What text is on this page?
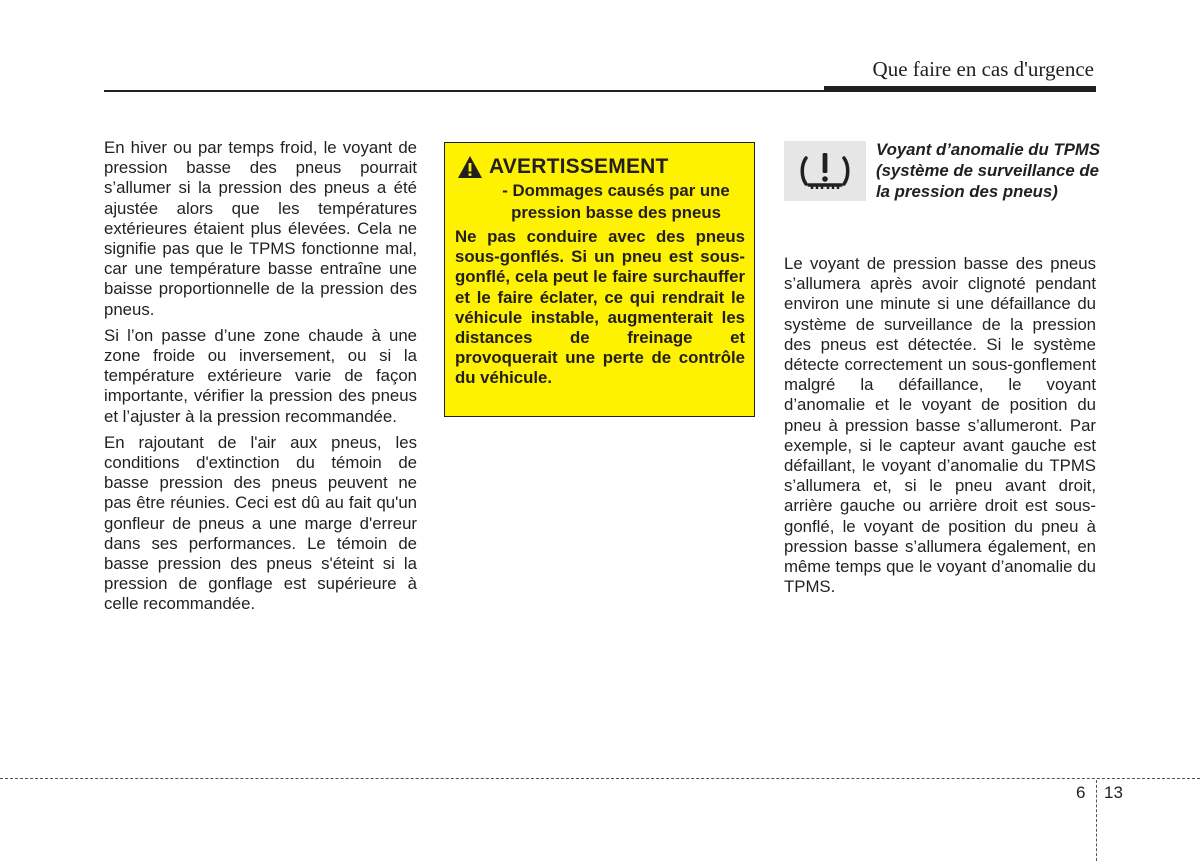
Que faire en cas d'urgence

En hiver ou par temps froid, le voyant de pression basse des pneus pourrait s’allumer si la pression des pneus a été ajustée alors que les températures extérieures étaient plus élevées. Cela ne signifie pas que le TPMS fonctionne mal, car une température basse entraîne une baisse proportionnelle de la pression des pneus.

Si l’on passe d’une zone chaude à une zone froide ou inversement, ou si la température extérieure varie de façon importante, vérifier la pression des pneus et l’ajuster à la pression recommandée.

En rajoutant de l'air aux pneus, les conditions d'extinction du témoin de basse pression des pneus peuvent ne pas être réunies. Ceci est dû au fait qu'un gonfleur de pneus a une marge d'erreur dans ses performances. Le témoin de basse pression des pneus s'éteint si la pression de gonflage est supérieure à celle recommandée.

AVERTISSEMENT
- Dommages causés par une pression basse des pneus
Ne pas conduire avec des pneus sous-gonflés. Si un pneu est sous-gonflé, cela peut le faire surchauffer et le faire éclater, ce qui rendrait le véhicule instable, augmenterait les distances de freinage et provoquerait une perte de contrôle du véhicule.
Voyant d’anomalie du TPMS (système de surveillance de la pression des pneus)

Le voyant de pression basse des pneus s’allumera après avoir clignoté pendant environ une minute si une défaillance du système de surveillance de la pression des pneus est détectée. Si le système détecte correctement un sous-gonflement malgré la défaillance, le voyant d’anomalie et le voyant de position du pneu à pression basse s’allumeront. Par exemple, si le capteur avant gauche est défaillant, le voyant d’anomalie du TPMS s’allumera et, si le pneu avant droit, arrière gauche ou arrière droit est sous-gonflé, le voyant de position du pneu à pression basse s’allumera également, en même temps que le voyant d’anomalie du TPMS.

6 13
